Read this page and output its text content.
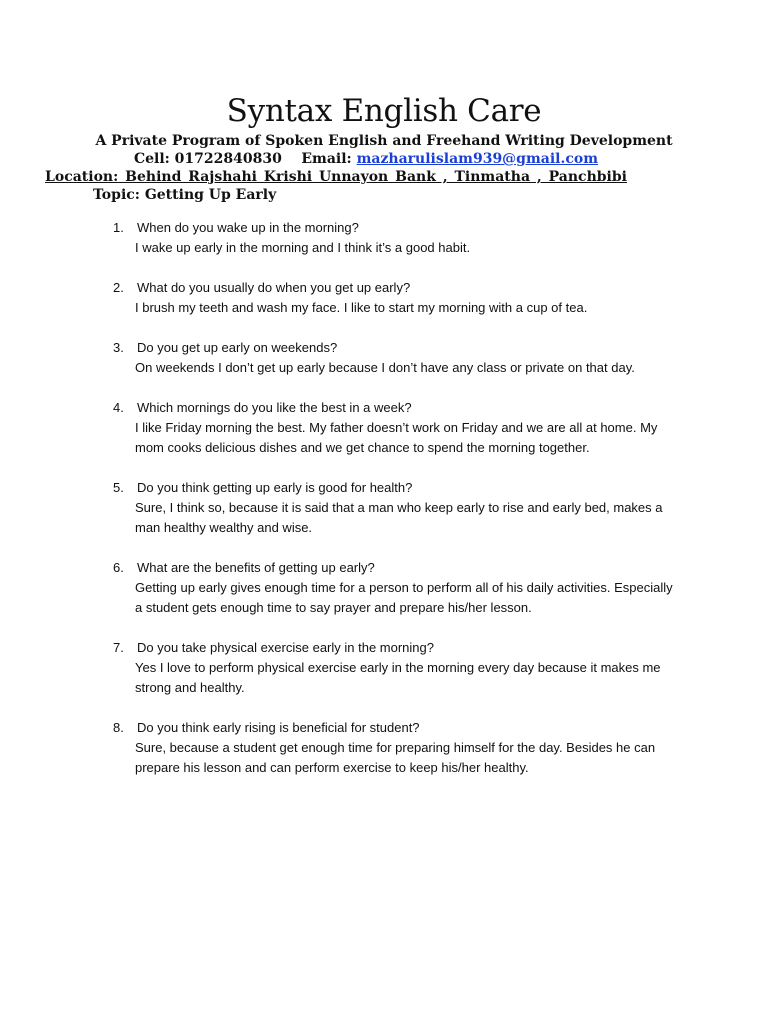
Syntax English Care
A Private Program of Spoken English and Freehand Writing Development
Cell: 01722840830 Email: mazharulislam939@gmail.com
Location: Behind Rajshahi Krishi Unnayon Bank , Tinmatha , Panchbibi
Topic: Getting Up Early
1. When do you wake up in the morning?
I wake up early in the morning and I think it’s a good habit.
2. What do you usually do when you get up early?
I brush my teeth and wash my face. I like to start my morning with a cup of tea.
3. Do you get up early on weekends?
On weekends I don’t get up early because I don’t have any class or private on that day.
4. Which mornings do you like the best in a week?
I like Friday morning the best. My father doesn’t work on Friday and we are all at home. My mom cooks delicious dishes and we get chance to spend the morning together.
5. Do you think getting up early is good for health?
Sure, I think so, because it is said that a man who keep early to rise and early bed, makes a man healthy wealthy and wise.
6. What are the benefits of getting up early?
Getting up early gives enough time for a person to perform all of his daily activities. Especially a student gets enough time to say prayer and prepare his/her lesson.
7. Do you take physical exercise early in the morning?
Yes I love to perform physical exercise early in the morning every day because it makes me strong and healthy.
8. Do you think early rising is beneficial for student?
Sure, because a student get enough time for preparing himself for the day. Besides he can prepare his lesson and can perform exercise to keep his/her healthy.
